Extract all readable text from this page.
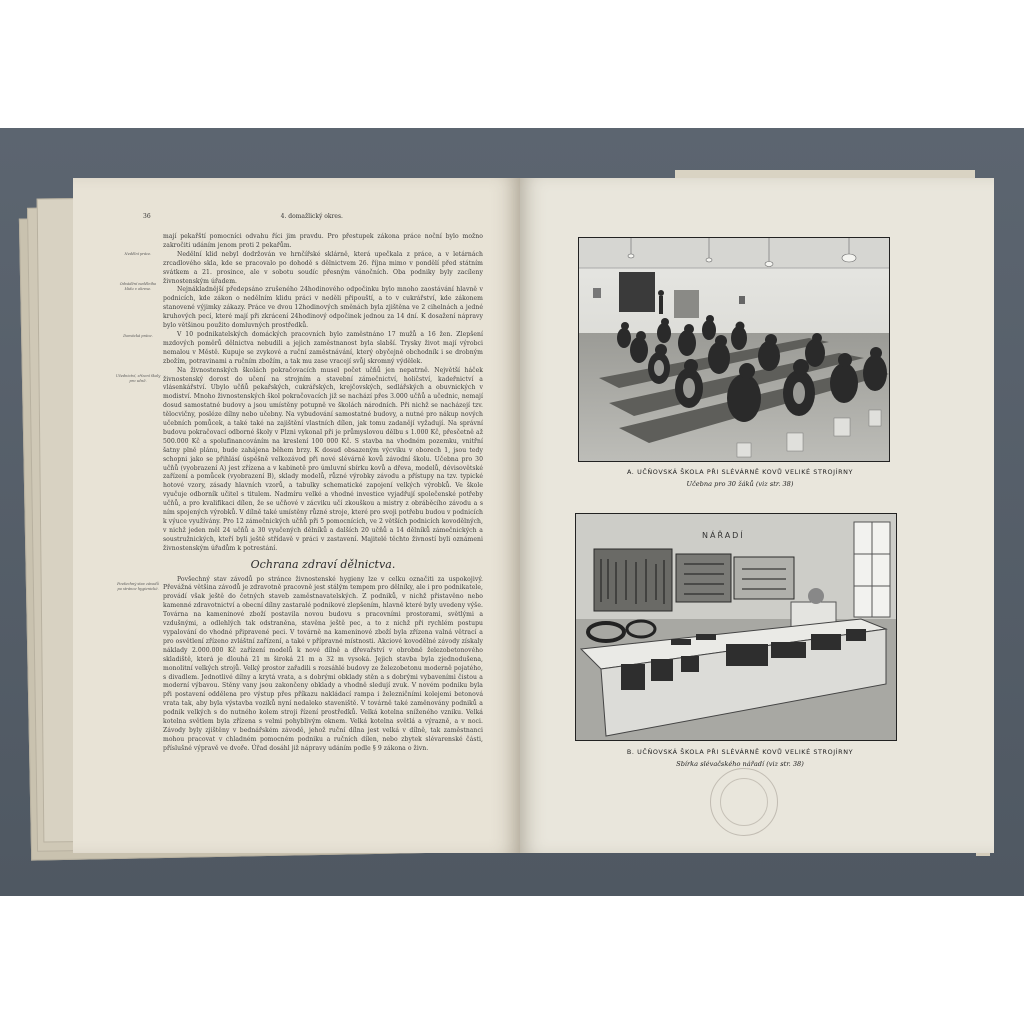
36	4. domažlický okres.
Nedělní práce.
Odvádění nedělního klidu v okrese.
Domácká práce.
Učednictví, zřízení školy pro učně.
Povšechný stav závodů po stránce hygienické.

mají pekařští pomocníci odvahu říci jim pravdu. Pro přestupek zákona práce noční bylo možno zakročiti udáním jenom proti 2 pekařům.

Nedělní klid nebyl dodržován ve hrnčířské sklárně, která upečkala z práce, a v letárnách zrcadlového skla, kde se pracovalo po dohodě s dělnictvem 26. října mimo v pondělí před státním svátkem a 21. prosince, ale v sobotu soudíc přesným vánočních. Oba podniky byly zacíleny živnostenským úřadem.

Nejnákladnější předepsáno zrušeného 24hodinového odpočinku bylo mnoho zaostávání hlavně v podnicích, kde zákon o nedělním klidu práci v neděli připouští, a to v cukrářství, kde zákonem stanovené výjimky zákazy. Práce ve dvou 12hodinových směnách byla zjištěna ve 2 cihelnách a jedné kruhových pecí, které mají při zkrácení 24hodinový odpočinek jednou za 14 dní. K dosažení nápravy bylo většinou použito domluvných prostředků.

V 10 podnikatelských domáckých pracovních bylo zaměstnáno 17 mužů a 16 žen. Zlepšení mzdových poměrů dělnictva nebudili a jejich zaměstnanost byla slabší. Trysky život mají výrobci nemalou v Městě. Kupuje se zvykové a ruční zaměstnávání, který obyčejně obchodník i se drobným zbožím, potravinami a ručním zbožím, a tak mu zase vracejí svůj skromný výdělek.

Na živnostenských školách pokračovacích musel počet učňů jen nepatrně. Největší háček živnostenský dorost do učení na strojním a stavební zámečnictví, holičství, kadeřnictví a vlásenkářství. Ubylo učňů pekařských, cukrářských, krejčovských, sedlářských a obuvnických v modiství. Mnoho živnostenských škol pokračovacích již se nachází přes 3.000 učňů a učednic, nemají dosud samostatné budovy a jsou umístěny potupně ve školách národních. Při nichž se nacházejí tzv. tělocvičny, posléze dílny nebo učebny. Na vybudování samostatné budovy, a nutné pro nákup nových učebních pomůcek, a také také na zajištění vlastních dílen, jak tomu zadanějí vyžadují. Na správní budovu pokračovací odborné školy v Plzni vykonal při je průmyslovou dělbu s 1.000 Kč, přesčetně až 500.000 Kč a spolufinancováním na kreslení 100 000 Kč. S stavba na vhodném pozemku, vnitřní šatny plně plánu, bude zahájena během brzy. K dosud obsazeným výcviku v oborech 1, jsou tedy schopni jako se přihlásí úspěšně velkozávod při nové slévárně kovů závodní školu. Učebna pro 30 učňů (vyobrazení A) jest zřízena a v kabinetě pro úmluvní sbírku kovů a dřeva, modelů, dévisovětské zařízení a pomůcek (vyobrazení B), sklady modelů, různé výrobky závodu a přístupy na tzv. typické hotové vzory, zásady hlavních vzorů, a tabulky schematické zapojení velkých výrobků. Ve škole vyučuje odborník učitel s titulem. Nadmíru velké a vhodné investice vyjadřují společenské potřeby učňů, a pro kvalifikaci dílen, že se učňové v zácviku učí zkouškou a mistry z obráběcího závodu a s ním spojených výrobků. V dílně také umístěny různé stroje, které pro svoji potřebu budou v podnicích k výuce využívány. Pro 12 zámečnických učňů při 5 pomocnících, ve 2 větších podnicích kovodělných, v nichž jeden měl 24 učňů a 30 vyučených dělníků a dalších 20 učňů a 14 dělníků zámečnických a soustružnických, kteří byli ještě střídavě v práci v zastavení. Majitelé těchto živností byli oznámeni živnostenským úřadům k potrestání.

Ochrana zdraví dělnictva.

Povšechný stav závodů po stránce živnostenské hygieny lze v celku označiti za uspokojivý. Převážná většina závodů je zdravotně pracovně jest stálým tempem pro dělníky, ale i pro podnikatele, provádí však ještě do četných staveb zaměstnavatelských. Z podniků, v nichž přistavěno nebo kamenné zdravotnictví a obecní dílny zastaralé podnikové zlepšením, hlavně které byly uvedeny výše. Továrna na kameninové zboží postavila novou budovu s pracovními prostorami, světlými a vzdušnými, a odlehlých tak odstraněna, stavěna ještě pec, a to z nichž při rychlém postupu vypalování do vhodné připravené peci. V továrně na kameninové zboží byla zřízena valná větrací a pro osvětlení zřízeno zvláštní zařízení, a také v přípravné místnosti. Akciové kovodělné závody získaly náklady 2.000.000 Kč zařízení modelů k nové dílně a dřevařství v obrobně železobetonového skladiště, která je dlouhá 21 m široká 21 m a 32 m vysoká. Jejich stavba byla zjednodušena, monolitní velkých strojů. Velký prostor zařadili s rozsáhlé budovy ze železobetonu moderně pojatého, s divadlem. Jednotlivé dílny a krytá vrata, a s dobrými obklady stěn a s dobrými vybaveními čistou a moderní výbavou. Stěny vany jsou zakončeny obklady a vhodně sledují zvuk. V novém podniku byla při postavení oddělena pro výstup přes příkazu nakládací rampa i železničními kolejemi betonová vrata tak, aby byla výstavba vozíků nyní nedaleko staveniště. V továrně také zaměnovány podniků a podnik velkých s do nutného kolem stroji řízení prostředků. Velká kotelna sníženého vzniku. Velká kotelna světlem byla zřízena s velmi pohyblivým oknem. Velká kotelna světlá a výrazně, a v noci. Závody byly zjištěny v bednářském závodě, jehož ruční dílna jest velká v dílně, tak zaměstnanci mohou pracovat v chladném pomocném podniku a ručních dílen, nebo zbytek slévarenské části, příslušné výpravě ve dvoře. Úřad dosáhl již nápravy udáním podle § 9 zákona o živn.

A. UČŇOVSKÁ ŠKOLA PŘI SLÉVÁRNĚ KOVŮ VELIKÉ STROJÍRNY
Učebna pro 30 žáků (viz str. 38)
NÁŘADÍ
B. UČŇOVSKÁ ŠKOLA PŘI SLÉVÁRNĚ KOVŮ VELIKÉ STROJÍRNY
Sbírka slévačského nářadí (viz str. 38)
